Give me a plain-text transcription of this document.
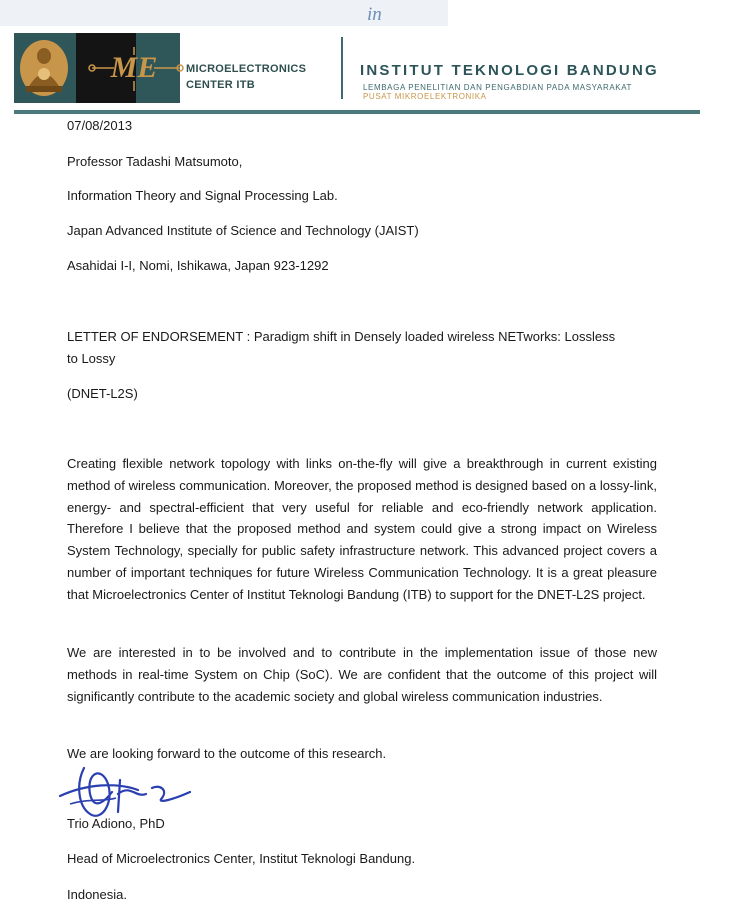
in
ME	MICROELECTRONICS
CENTER ITB
INSTITUT TEKNOLOGI BANDUNG
LEMBAGA PENELITIAN DAN PENGABDIAN PADA MASYARAKAT
PUSAT MIKROELEKTRONIKA
07/08/2013
Professor Tadashi Matsumoto,
Information Theory and Signal Processing Lab.
Japan Advanced Institute of Science and Technology (JAIST)
Asahidai I-I, Nomi, Ishikawa, Japan 923-1292
LETTER OF ENDORSEMENT : Paradigm shift in Densely loaded wireless NETworks: Lossless
to Lossy
(DNET-L2S)
Creating flexible network topology with links on-the-fly will give a breakthrough in current existing method of wireless communication. Moreover, the proposed method is designed based on a lossy-link, energy- and spectral-efficient that very useful for reliable and eco-friendly network application. Therefore I believe that the proposed method and system could give a strong impact on Wireless System Technology, specially for public safety infrastructure network. This advanced project covers a number of important techniques for future Wireless Communication Technology. It is a great pleasure that Microelectronics Center of Institut Teknologi Bandung (ITB) to support for the DNET-L2S project.
We are interested in to be involved and to contribute in the implementation issue of those new methods in real-time System on Chip (SoC). We are confident that the outcome of this project will significantly contribute to the academic society and global wireless communication industries.
We are looking forward to the outcome of this research.
Trio Adiono, PhD
Head of Microelectronics Center, Institut Teknologi Bandung.
Indonesia.
